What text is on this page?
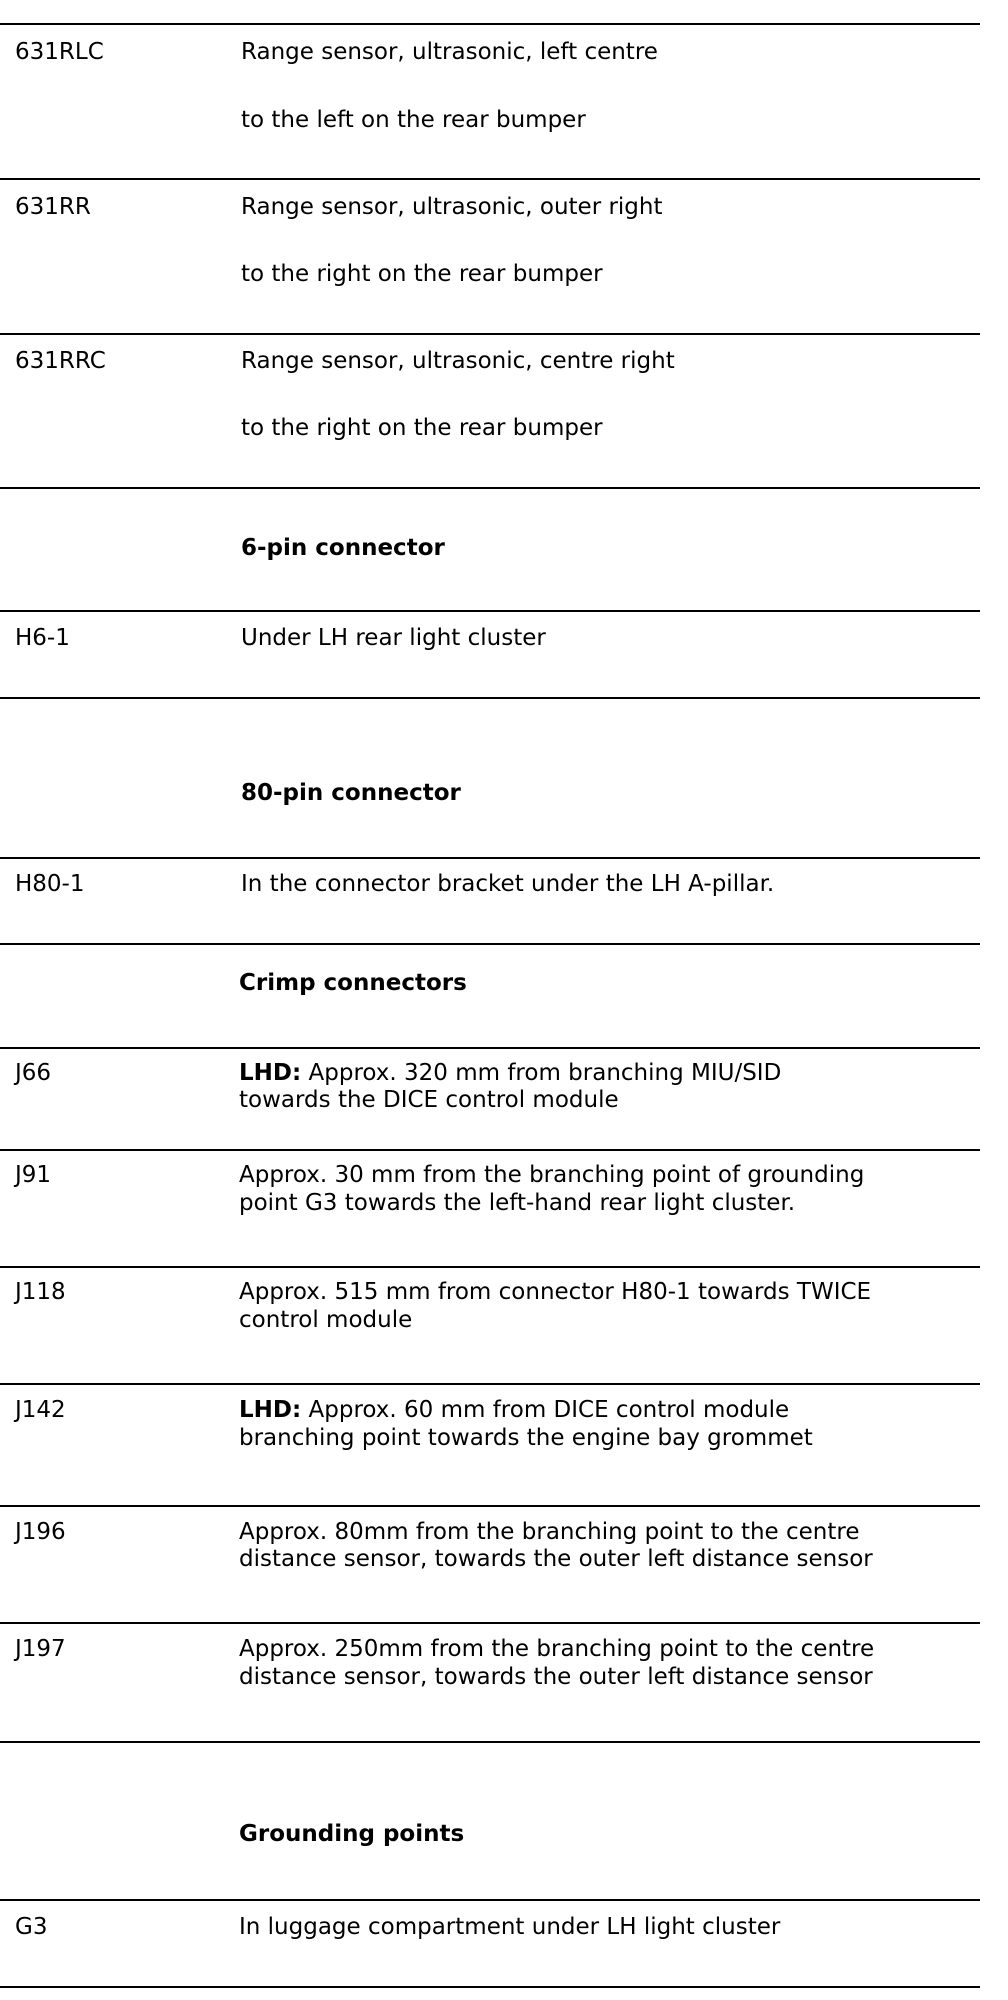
631RLC	Range sensor, ultrasonic, left centre
to the left on the rear bumper
631RR	Range sensor, ultrasonic, outer right
to the right on the rear bumper
631RRC	Range sensor, ultrasonic, centre right
to the right on the rear bumper
6-pin connector
H6-1	Under LH rear light cluster
80-pin connector
H80-1	In the connector bracket under the LH A-pillar.
Crimp connectors
J66	LHD: Approx. 320 mm from branching MIU/SID
towards the DICE control module
J91	Approx. 30 mm from the branching point of grounding
point G3 towards the left-hand rear light cluster.
J118	Approx. 515 mm from connector H80-1 towards TWICE
control module
J142	LHD: Approx. 60 mm from DICE control module
branching point towards the engine bay grommet
J196	Approx. 80mm from the branching point to the centre
distance sensor, towards the outer left distance sensor
J197	Approx. 250mm from the branching point to the centre
distance sensor, towards the outer left distance sensor
Grounding points
G3	In luggage compartment under LH light cluster
